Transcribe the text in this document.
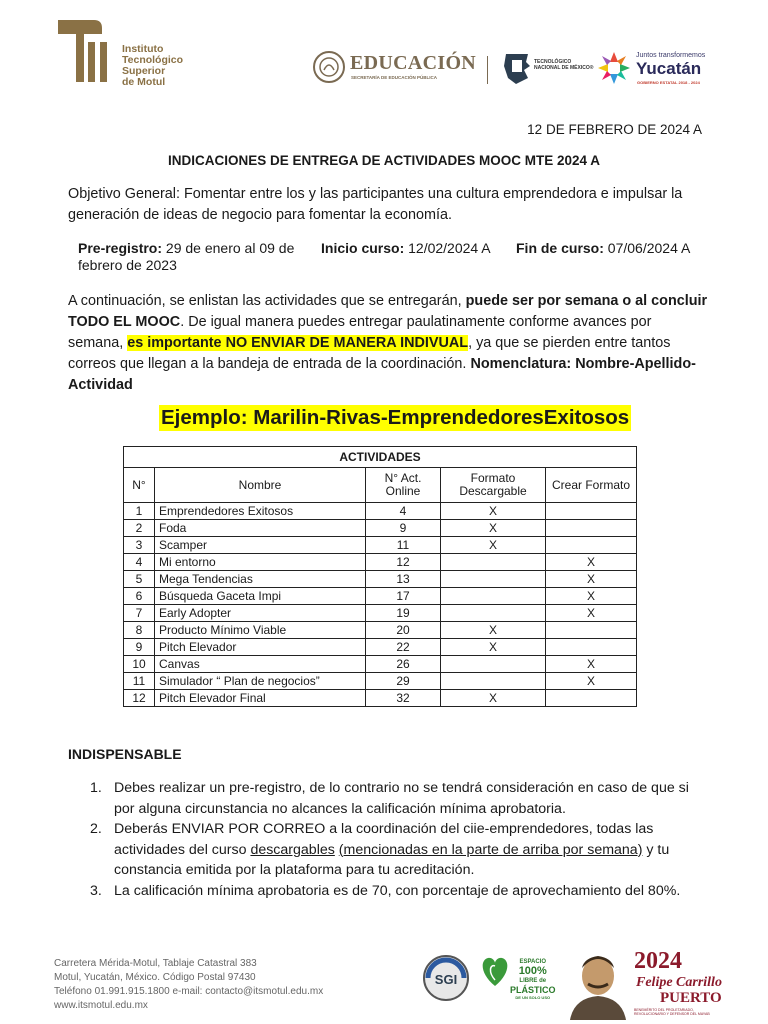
Instituto
Tecnológico
Superior
de Motul
EDUCACIÓN
SECRETARÍA DE EDUCACIÓN PÚBLICA
TECNOLÓGICO
NACIONAL DE MÉXICO®
Juntos transformemos
Yucatán
GOBIERNO ESTATAL 2018 - 2024
12 DE FEBRERO DE 2024 A
INDICACIONES DE ENTREGA DE ACTIVIDADES MOOC MTE 2024 A
Objetivo General: Fomentar entre los y las participantes una cultura emprendedora e impulsar la generación de ideas de negocio para fomentar la economía.
Pre-registro: 29 de enero al 09 de febrero de 2023
Inicio curso: 12/02/2024 A Fin de curso: 07/06/2024 A
A continuación, se enlistan las actividades que se entregarán, puede ser por semana o al concluir TODO EL MOOC. De igual manera puedes entregar paulatinamente conforme avances por semana, es importante NO ENVIAR DE MANERA INDIVUAL, ya que se pierden entre tantos correos que llegan a la bandeja de entrada de la coordinación. Nomenclatura: Nombre-Apellido-Actividad
Ejemplo: Marilin-Rivas-EmprendedoresExitosos
ACTIVIDADES				
N°	Nombre	N° Act. Online	Formato Descargable	Crear Formato
1	Emprendedores Exitosos	4	X	
2	Foda	9	X	
3	Scamper	11	X	
4	Mi entorno	12		X
5	Mega Tendencias	13		X
6	Búsqueda Gaceta Impi	17		X
7	Early Adopter	19		X
8	Producto Mínimo Viable	20	X	
9	Pitch Elevador	22	X	
10	Canvas	26		X
11	Simulador “ Plan de negocios”	29		X
12	Pitch Elevador Final	32	X	
INDISPENSABLE
1. Debes realizar un pre-registro, de lo contrario no se tendrá consideración en caso de que si por alguna circunstancia no alcances la calificación mínima aprobatoria.
2. Deberás ENVIAR POR CORREO a la coordinación del ciie-emprendedores, todas las actividades del curso descargables (mencionadas en la parte de arriba por semana) y tu constancia emitida por la plataforma para tu acreditación.
3. La calificación mínima aprobatoria es de 70, con porcentaje de aprovechamiento del 80%.
Carretera Mérida-Motul, Tablaje Catastral 383
Motul, Yucatán, México. Código Postal 97430
Teléfono 01.991.915.1800 e-mail: contacto@itsmotul.edu.mx
www.itsmotul.edu.mx
SGI
ESPACIO
100%
LIBRE de
PLÁSTICO
DE UN SOLO USO
2024
Felipe Carrillo
PUERTO
BENEMÉRITO DEL PROLETARIADO, REVOLUCIONARIO Y DEFENSOR DEL MAYAB
